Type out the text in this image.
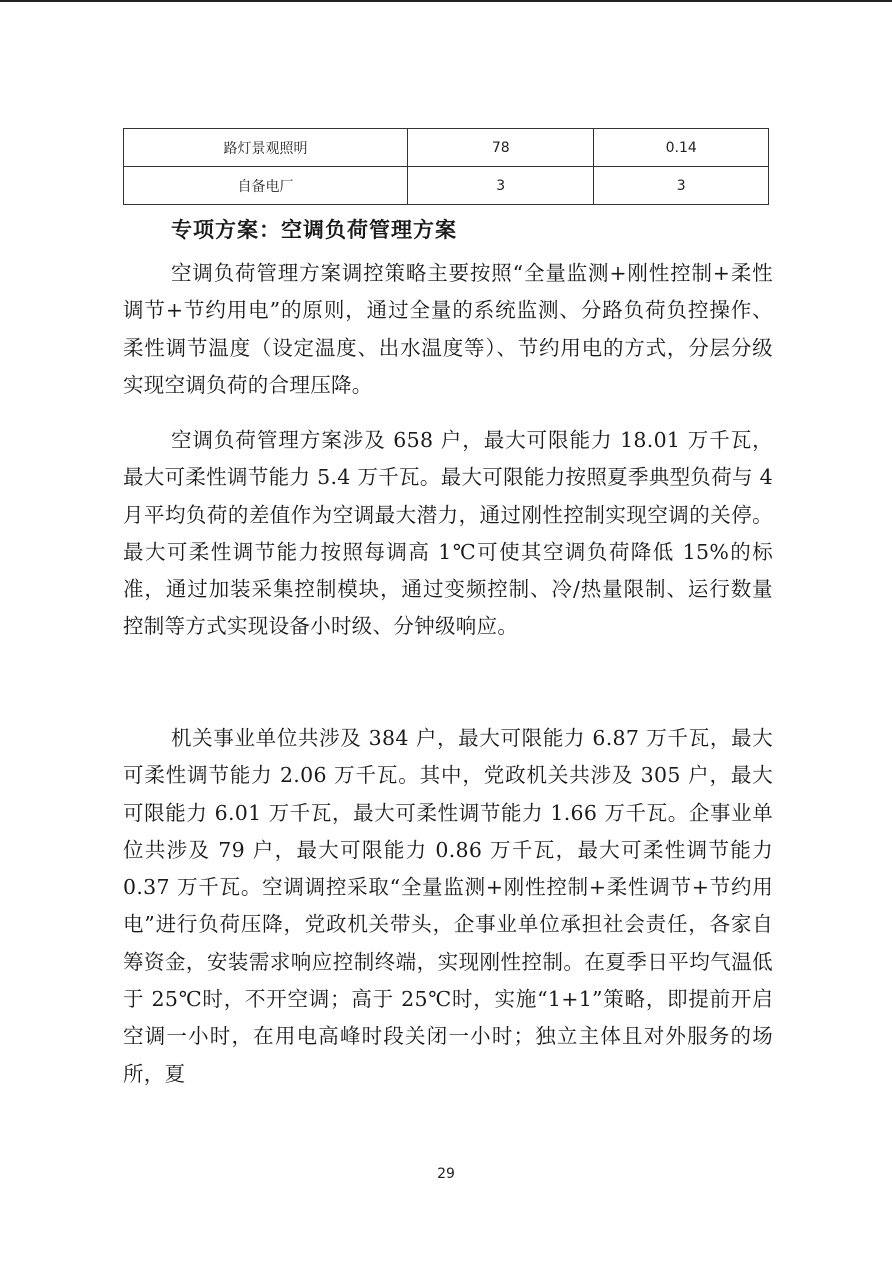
路灯景观照明	78	0.14
自备电厂	3	3
专项方案：空调负荷管理方案

空调负荷管理方案调控策略主要按照“全量监测+刚性控制+柔性调节+节约用电”的原则，通过全量的系统监测、分路负荷负控操作、柔性调节温度（设定温度、出水温度等）、节约用电的方式，分层分级实现空调负荷的合理压降。

空调负荷管理方案涉及 658 户，最大可限能力 18.01 万千瓦，最大可柔性调节能力 5.4 万千瓦。最大可限能力按照夏季典型负荷与 4 月平均负荷的差值作为空调最大潜力，通过刚性控制实现空调的关停。最大可柔性调节能力按照每调高 1℃可使其空调负荷降低 15%的标准，通过加装采集控制模块，通过变频控制、冷/热量限制、运行数量控制等方式实现设备小时级、分钟级响应。

机关事业单位共涉及 384 户，最大可限能力 6.87 万千瓦，最大可柔性调节能力 2.06 万千瓦。其中，党政机关共涉及 305 户，最大可限能力 6.01 万千瓦，最大可柔性调节能力 1.66 万千瓦。企事业单位共涉及 79 户，最大可限能力 0.86 万千瓦，最大可柔性调节能力 0.37 万千瓦。空调调控采取“全量监测+刚性控制+柔性调节+节约用电”进行负荷压降，党政机关带头，企事业单位承担社会责任，各家自筹资金，安装需求响应控制终端，实现刚性控制。在夏季日平均气温低于 25℃时，不开空调；高于 25℃时，实施“1+1”策略，即提前开启空调一小时，在用电高峰时段关闭一小时；独立主体且对外服务的场所，夏

29
